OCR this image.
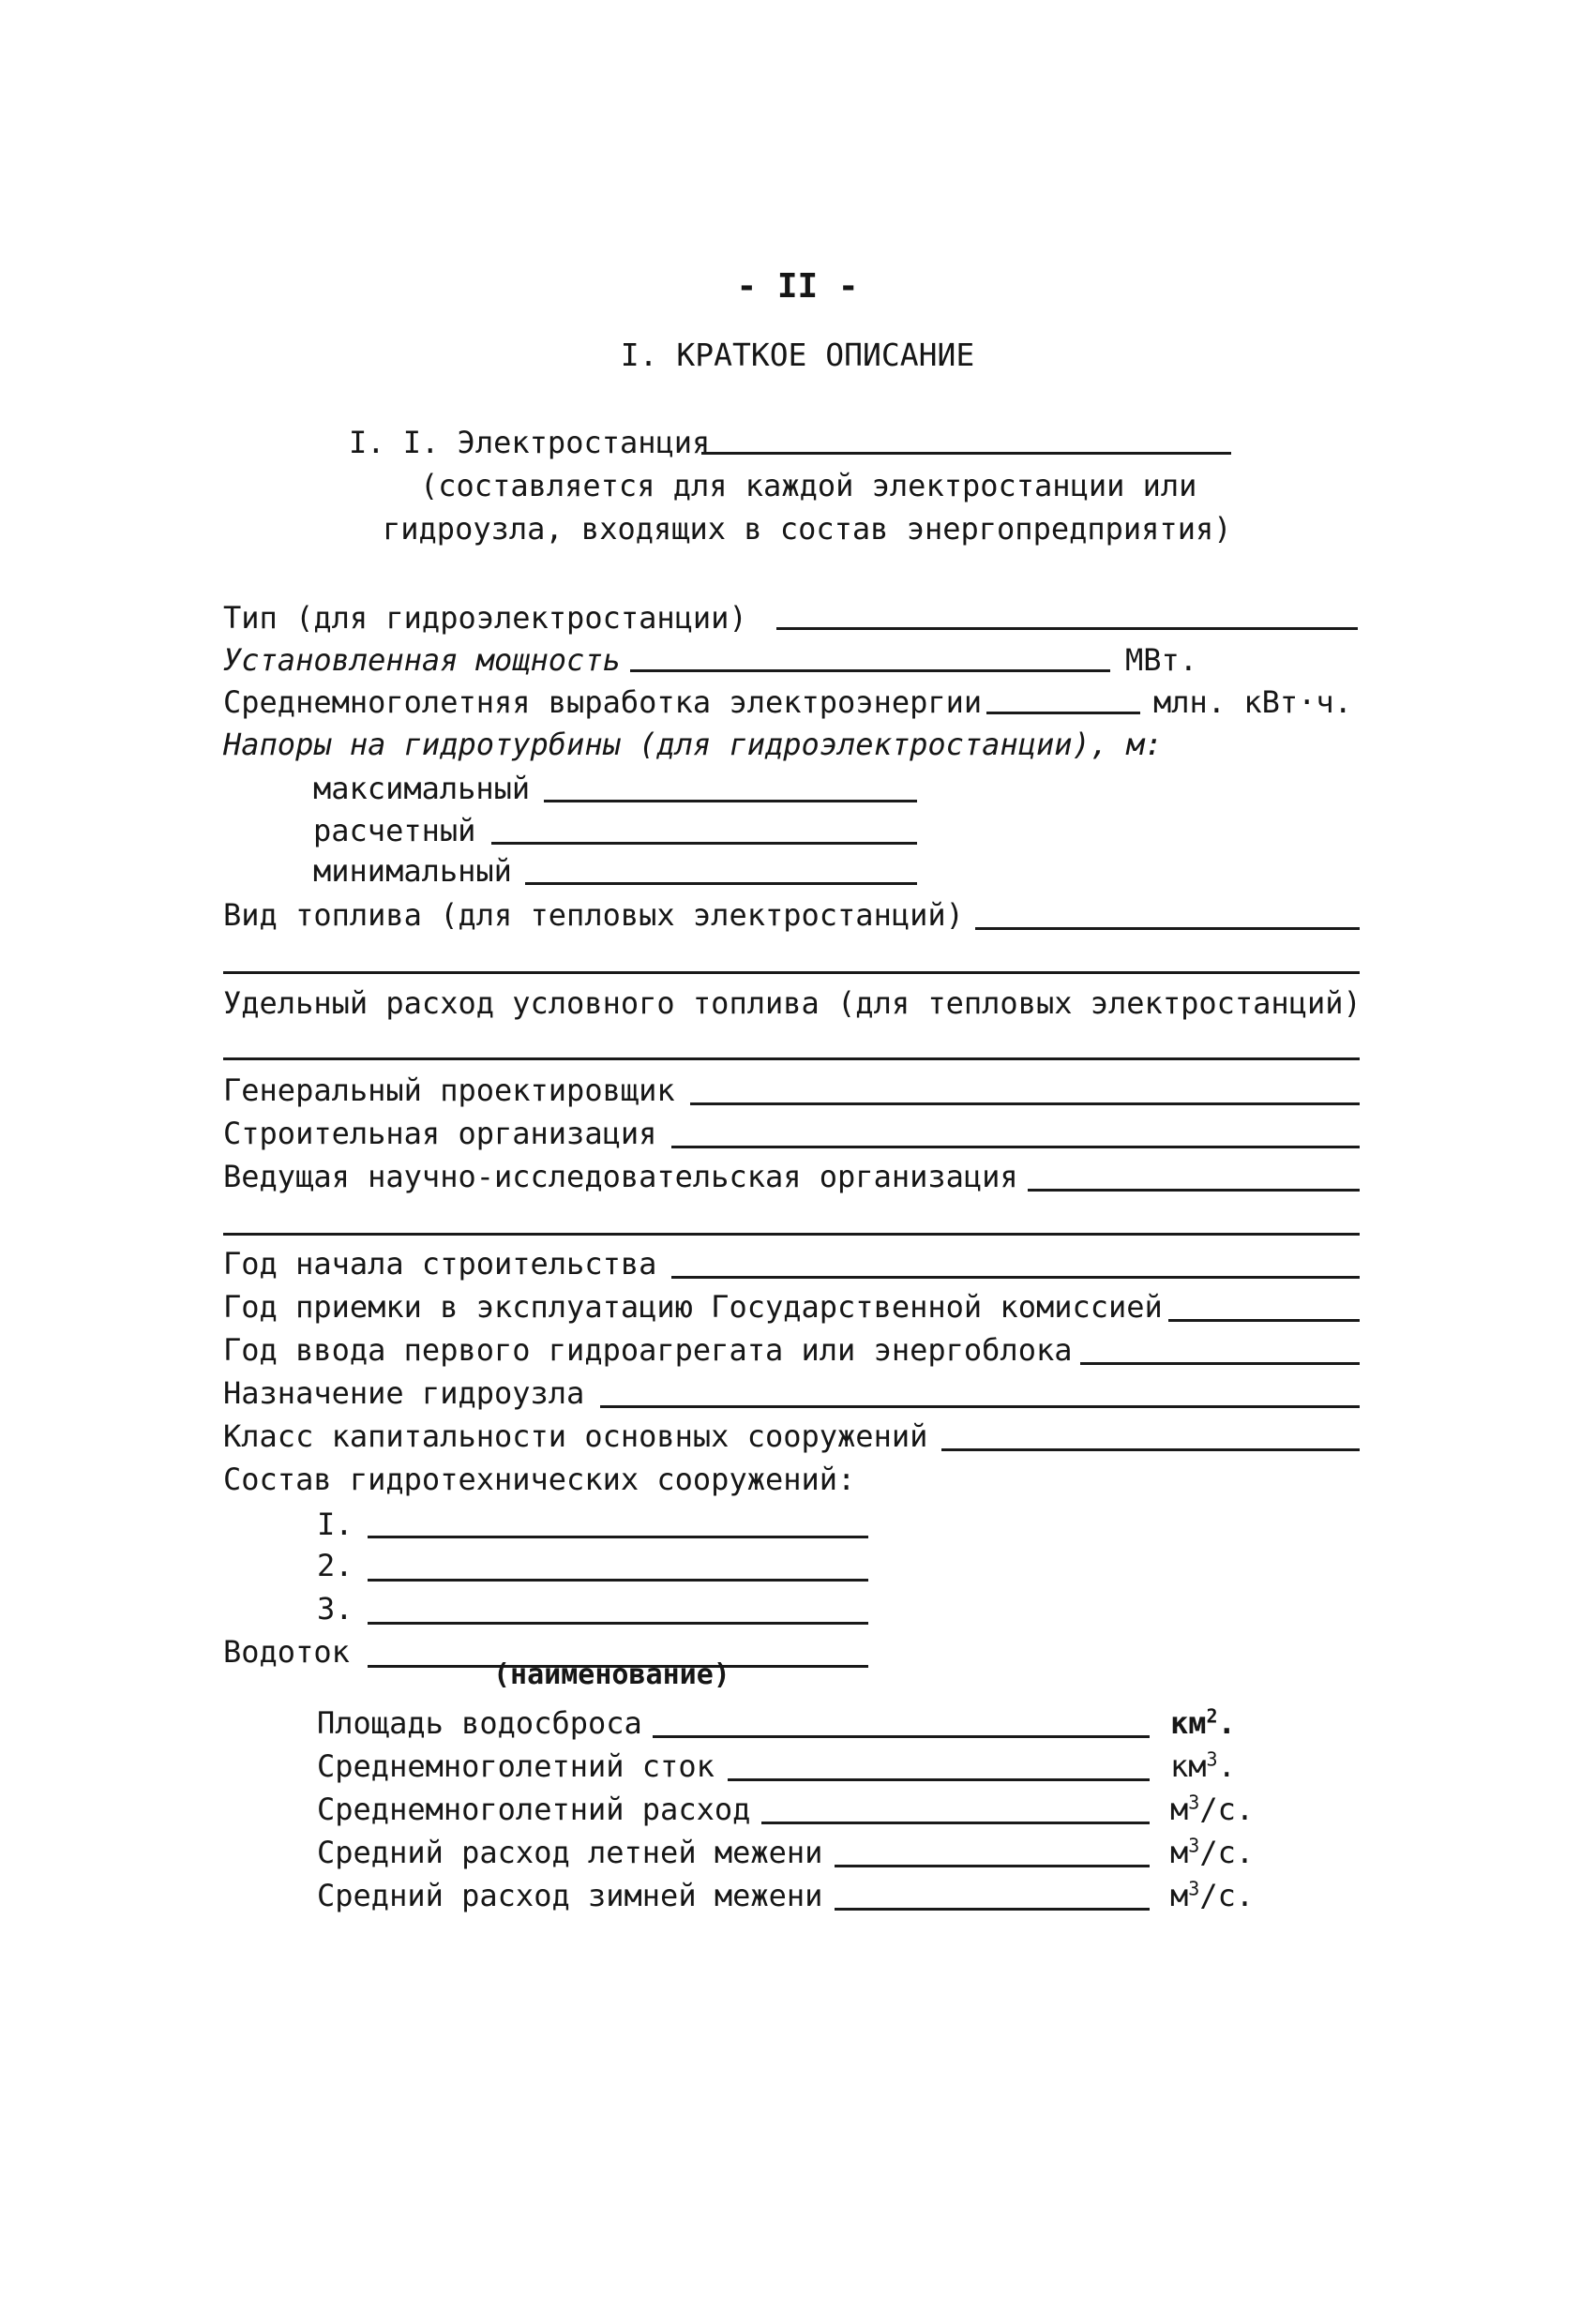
- II -
I. КРАТКОЕ ОПИСАНИЕ
I. I. Электростанция
(составляется для каждой электростанции или
гидроузла, входящих в состав энергопредприятия)
Тип (для гидроэлектростанции)
Установленная мощность	МВт.
Среднемноголетняя выработка электроэнергии	млн. кВт·ч.
Напоры на гидротурбины (для гидроэлектростанции), м:
максимальный
расчетный
минимальный
Вид топлива (для тепловых электростанций)
Удельный расход условного топлива (для тепловых электростанций)
Генеральный проектировщик
Строительная организация
Ведущая научно-исследовательская организация
Год начала строительства
Год приемки в эксплуатацию Государственной комиссией
Год ввода первого гидроагрегата или энергоблока
Назначение гидроузла
Класс капитальности основных сооружений
Состав гидротехнических сооружений:
I.
2.
3.
Водоток
(наименование)
Площадь водосброса	$км^2$.
Среднемноголетний сток	$км^3$.
Среднемноголетний расход	$м^3/с$.
Средний расход летней межени	$м^3/с$.
Средний расход зимней межени	$м^3/с$.
